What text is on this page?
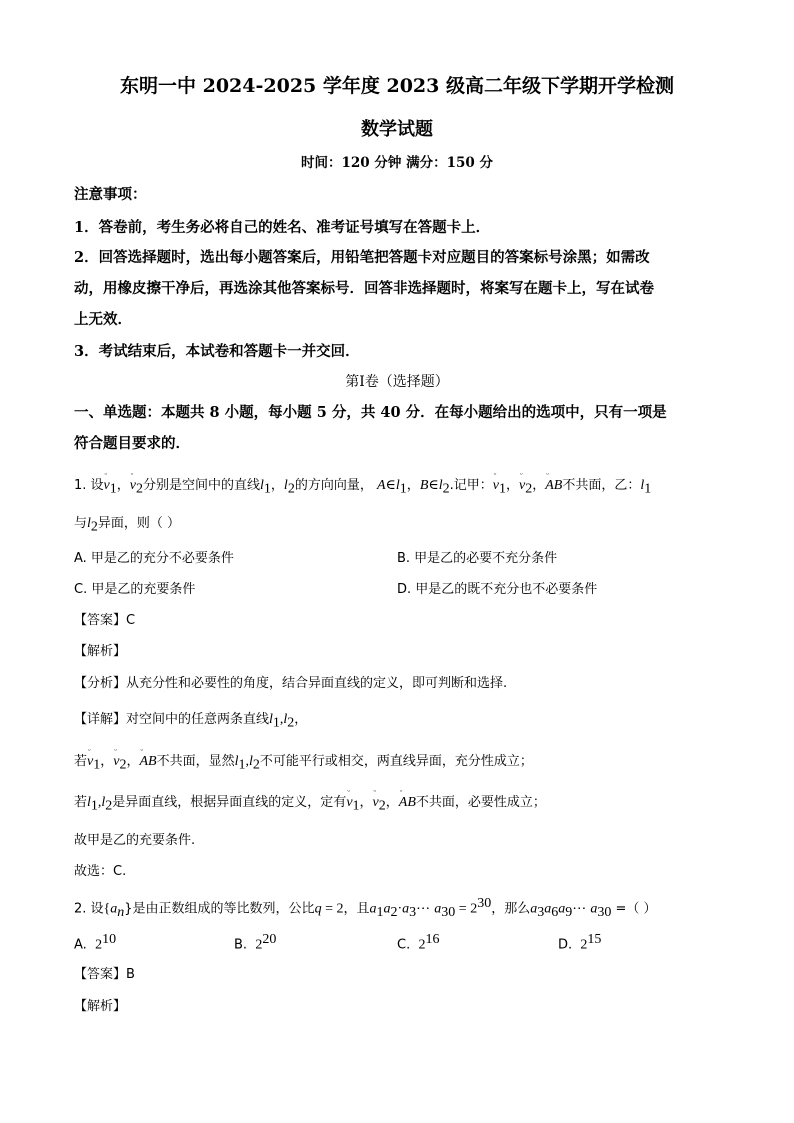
东明一中 2024-2025 学年度 2023 级高二年级下学期开学检测
数学试题
时间：120 分钟 满分：150 分
注意事项：
1．答卷前，考生务必将自己的姓名、准考证号填写在答题卡上．
2．回答选择题时，选出每小题答案后，用铅笔把答题卡对应题目的答案标号涂黑；如需改
动，用橡皮擦干净后，再选涂其他答案标号．回答非选择题时，将案写在题卡上，写在试卷
上无效．
3．考试结束后，本试卷和答题卡一并交回．
第Ⅰ卷（选择题）
一、单选题：本题共 8 小题，每小题 5 分，共 40 分．在每小题给出的选项中，只有一项是
符合题目要求的．
1. 设ᵕ $v_1$，ᵕ $v_2$分别是空间中的直线$l_1$，$l_2$的方向向量， $A\in l_1$，$B\in l_2$.记甲：ᵕ $v_1$，ᵕ $v_2$，ᵕ AB不共面，乙：$l_1$
与$l_2$异面，则（ ）
A. 甲是乙的充分不必要条件	B. 甲是乙的必要不充分条件
C. 甲是乙的充要条件	D. 甲是乙的既不充分也不必要条件
【答案】C
【解析】
【分析】从充分性和必要性的角度，结合异面直线的定义，即可判断和选择.
【详解】对空间中的任意两条直线$l_1,l_2$，
若ᵕ $v_1$，ᵕ $v_2$，ᵕ AB不共面，显然$l_1,l_2$不可能平行或相交，两直线异面，充分性成立；
若$l_1,l_2$是异面直线，根据异面直线的定义，定有ᵕ $v_1$，ᵕ $v_2$，ᵕ AB不共面，必要性成立；
故甲是乙的充要条件.
故选：C.
2. 设$\{a_n\}$是由正数组成的等比数列，公比q = 2，且$a_1a_2\cdot a_3\cdots$ $a_{30} = 2^{30}$，那么$a_3a_6a_9\cdots$ $a_{30}$ =（ ）
A. $2^{10}$	B. $2^{20}$	C. $2^{16}$	D. $2^{15}$
【答案】B
【解析】
